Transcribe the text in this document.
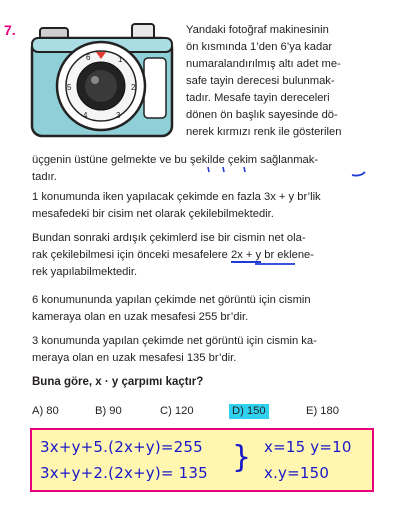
7.
6	1
5	2
4	3
Yandaki fotoğraf makinesinin
ön kısmında 1’den 6’ya kadar
numaralandırılmış altı adet me-
safe tayin derecesi bulunmak-
tadır. Mesafe tayin dereceleri
dönen ön başlık sayesinde dö-
nerek kırmızı renk ile gösterilen
üçgenin üstüne gelmekte ve bu şekilde çekim sağlanmak-
tadır.
1 konumunda iken yapılacak çekimde en fazla 3x + y br’lik
mesafedeki bir cisim net olarak çekilebilmektedir.
Bundan sonraki ardışık çekimlerd ise bir cismin net ola-
rak çekilebilmesi için önceki mesafelere 2x + y br eklene-
rek yapılabilmektedir.
6 konumununda yapılan çekimde net görüntü için cismin
kameraya olan en uzak mesafesi 255 br’dir.
3 konumunda yapılan çekimde net görüntü için cismin ka-
meraya olan en uzak mesafesi 135 br’dir.
Buna göre, x · y çarpımı kaçtır?
A) 80	B) 90	C) 120	D) 150	E) 180
3x+y+5.(2x+y)=255
3x+y+2.(2x+y)= 135 } x=15 y=10
x.y=150
